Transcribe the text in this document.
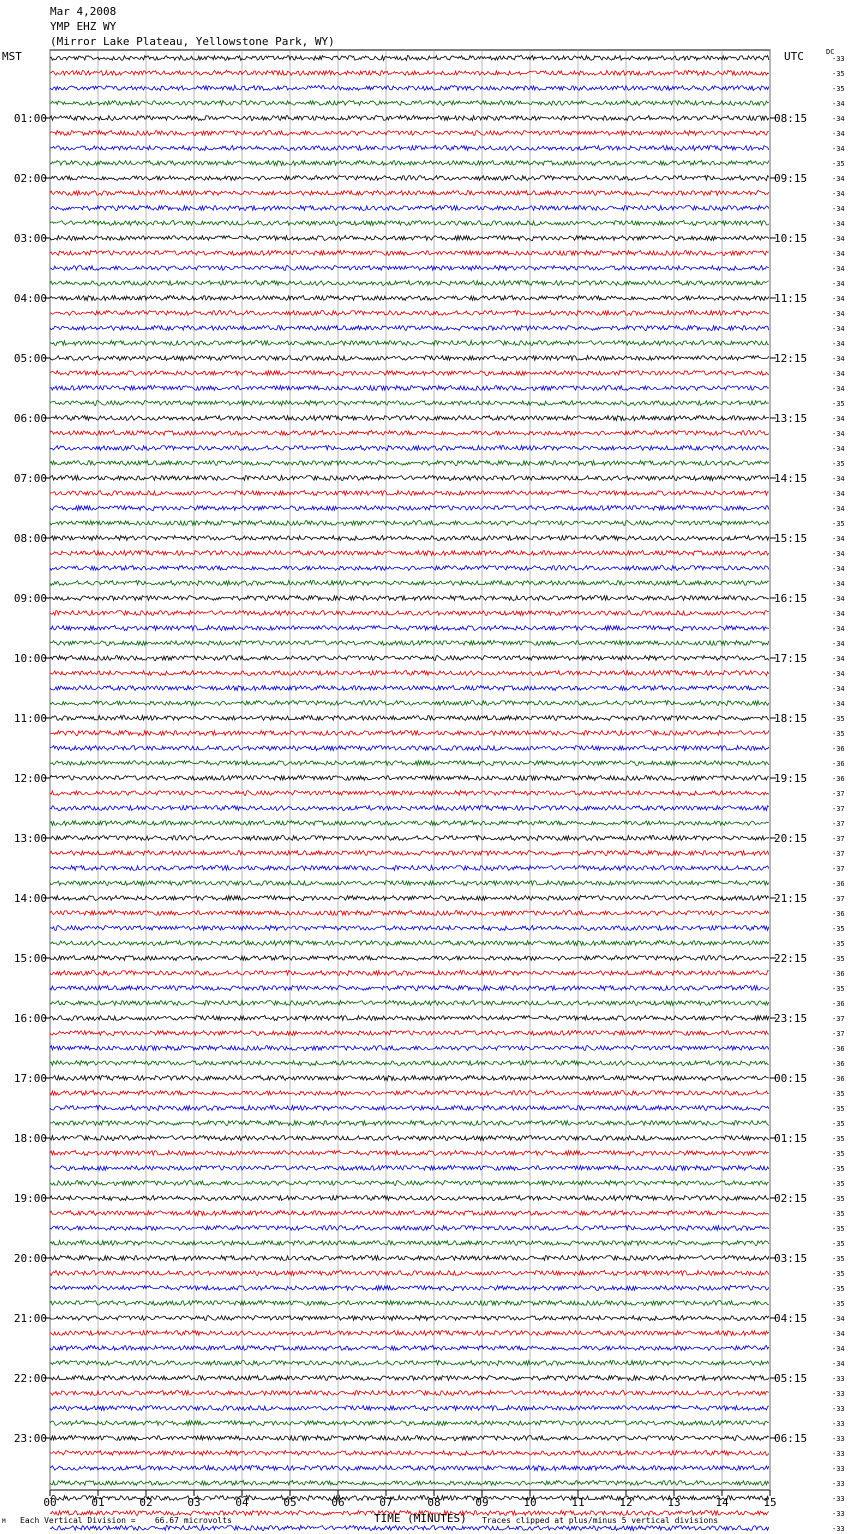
Mar 4,2008
YMP EHZ WY
(Mirror Lake Plateau, Yellowstone Park, WY)
MST	UTC	DC
00	01	02	03	04	05	06	07	08	09	10	11	12	13	14	15
-33
-35
-35
-34
01:00	08:15	-34
-34
-34
-35
02:00	09:15	-34
-34
-34
-34
03:00	10:15	-34
-34
-34
-34
04:00	11:15	-34
-34
-34
-34
05:00	12:15	-34
-34
-34
-35
06:00	13:15	-34
-34
-34
-35
07:00	14:15	-34
-34
-34
-35
08:00	15:15	-34
-34
-34
-34
09:00	16:15	-34
-34
-34
-34
10:00	17:15	-34
-34
-34
-34
11:00	18:15	-35
-35
-36
-36
12:00	19:15	-36
-37
-37
-37
13:00	20:15	-37
-37
-37
-36
14:00	21:15	-37
-36
-35
-35
15:00	22:15	-35
-36
-35
-36
16:00	23:15	-37
-37
-36
-36
17:00	00:15	-36
-35
-35
-35
18:00	01:15	-35
-35
-35
-35
19:00	02:15	-35
-35
-35
-35
20:00	03:15	-35
-35
-35
-35
21:00	04:15	-34
-34
-34
-34
22:00	05:15	-33
-33
-33
-33
23:00	06:15	-33
-33
-33
-33
-33
-33
-33
M Each Vertical Division =    66.67 microvolts	TIME (MINUTES) Traces clipped at plus/minus 5 vertical divisions
